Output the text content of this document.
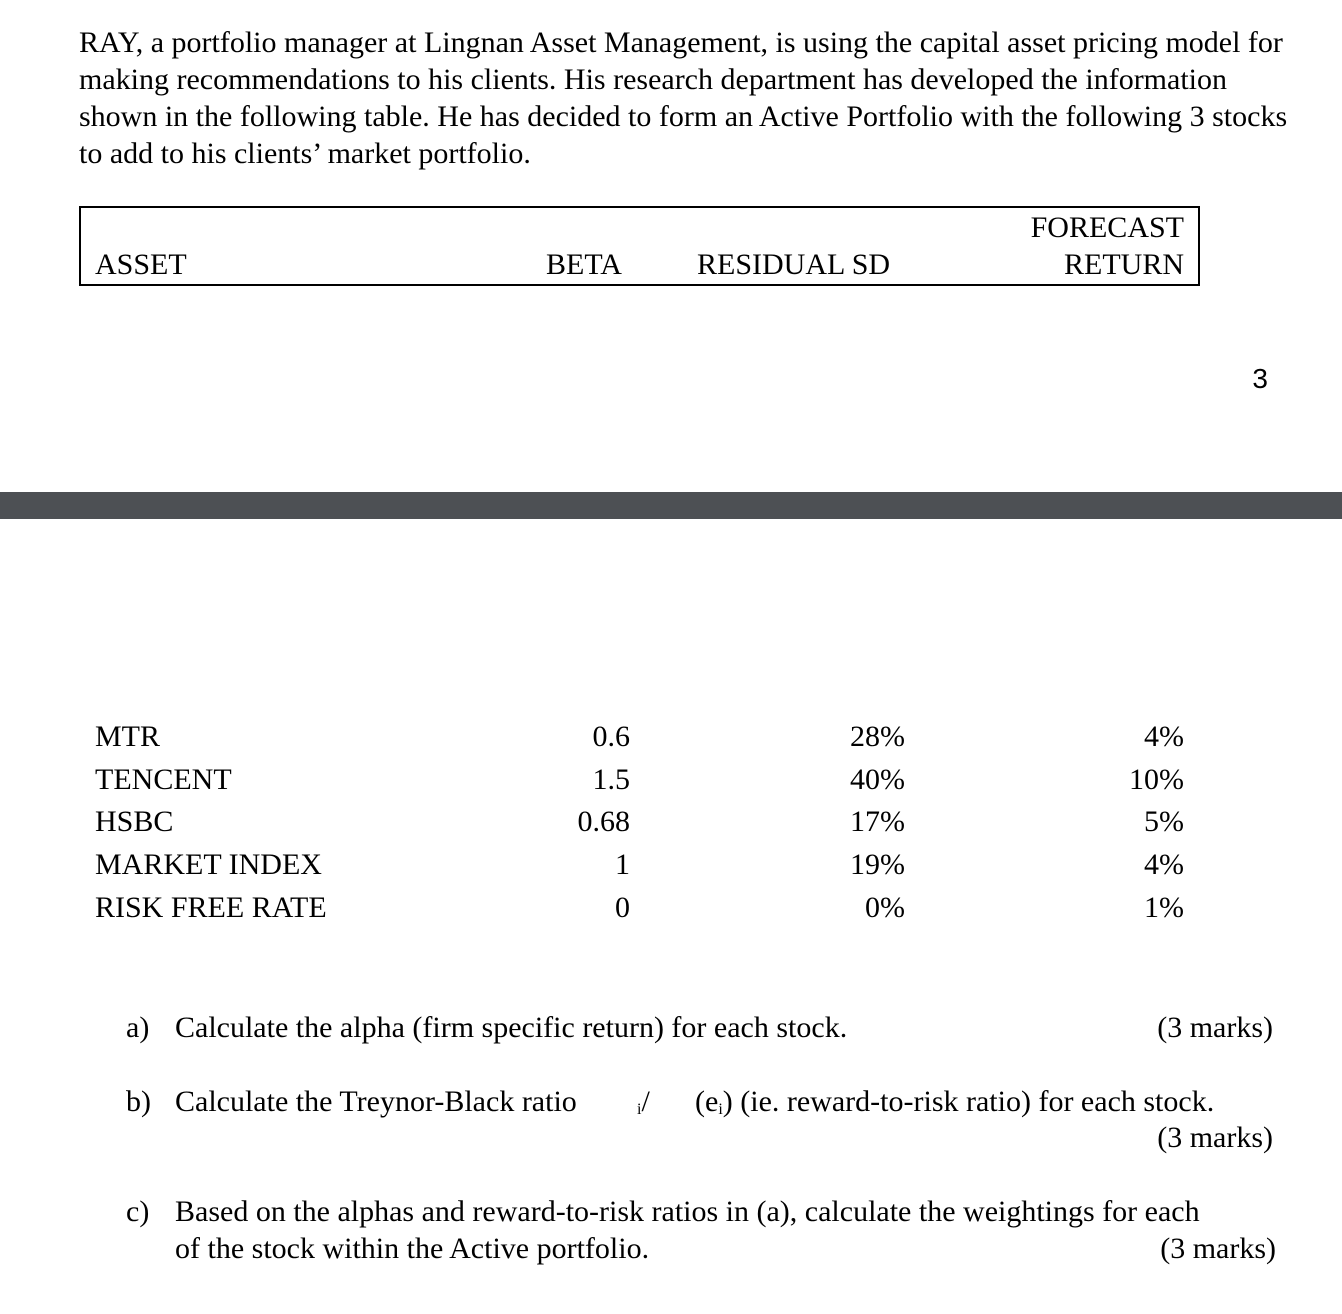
RAY, a portfolio manager at Lingnan Asset Management, is using the capital asset pricing model for making recommendations to his clients. His research department has developed the information shown in the following table. He has decided to form an Active Portfolio with the following 3 stocks to add to his clients’ market portfolio.
ASSET	BETA	RESIDUAL SD
FORECAST
RETURN
3
MTR	0.6	28%	4%
TENCENT	1.5	40%	10%
HSBC	0.68	17%	5%
MARKET INDEX	1	19%	4%
RISK FREE RATE	0	0%	1%
a) Calculate the alpha (firm specific return) for each stock.	(3 marks)
b) Calculate the Treynor-Black ratio	i/ (ei) (ie. reward-to-risk ratio) for each stock.
(3 marks)
c) Based on the alphas and reward-to-risk ratios in (a), calculate the weightings for each
of the stock within the Active portfolio.	(3 marks)
